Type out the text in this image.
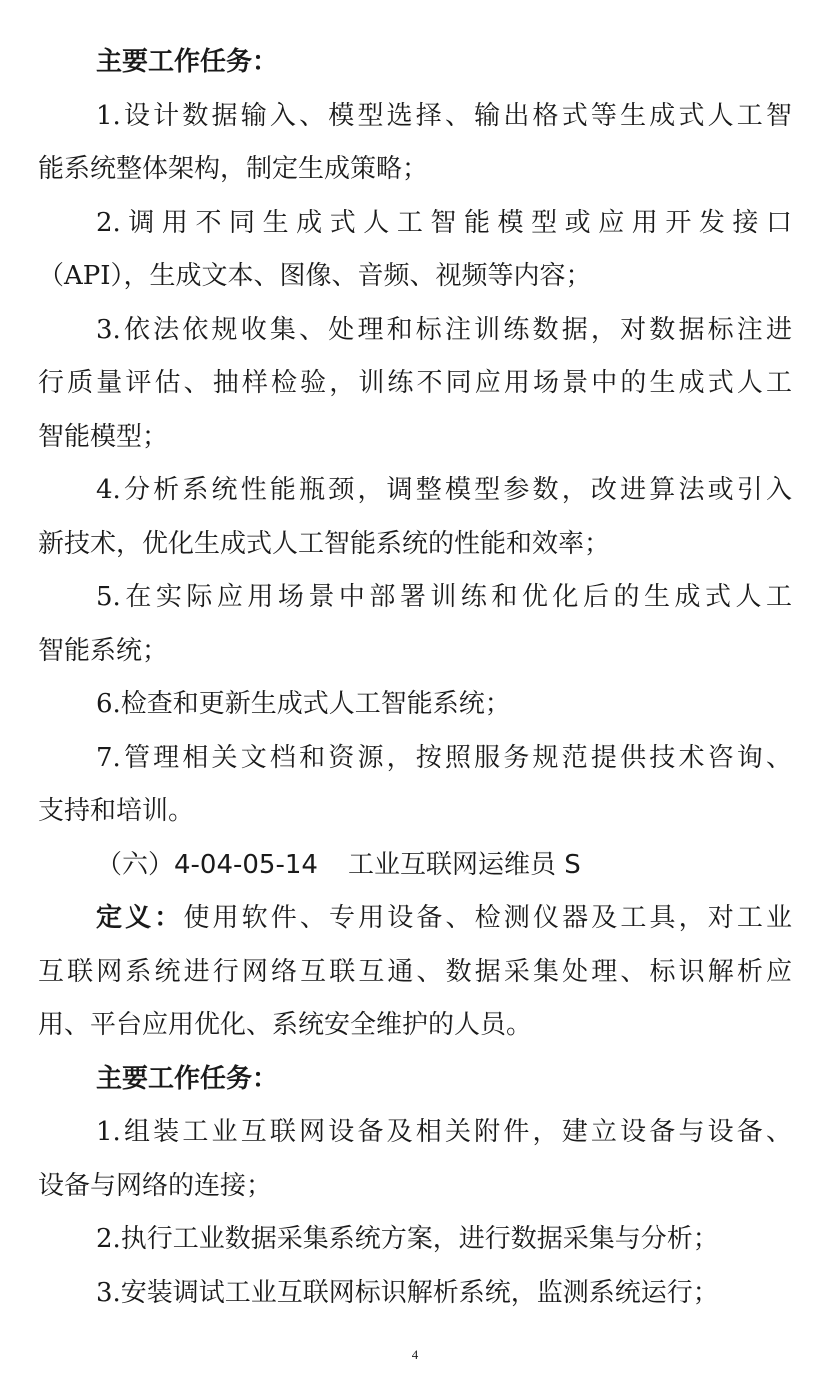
主要工作任务：
1.设计数据输入、模型选择、输出格式等生成式人工智
能系统整体架构，制定生成策略；
2.调用不同生成式人工智能模型或应用开发接口
（API），生成文本、图像、音频、视频等内容；
3.依法依规收集、处理和标注训练数据，对数据标注进
行质量评估、抽样检验，训练不同应用场景中的生成式人工
智能模型；
4.分析系统性能瓶颈，调整模型参数，改进算法或引入
新技术，优化生成式人工智能系统的性能和效率；
5.在实际应用场景中部署训练和优化后的生成式人工
智能系统；
6.检查和更新生成式人工智能系统；
7.管理相关文档和资源，按照服务规范提供技术咨询、
支持和培训。
（六）4-04-05-14 工业互联网运维员 S
定义：使用软件、专用设备、检测仪器及工具，对工业
互联网系统进行网络互联互通、数据采集处理、标识解析应
用、平台应用优化、系统安全维护的人员。
主要工作任务：
1.组装工业互联网设备及相关附件，建立设备与设备、
设备与网络的连接；
2.执行工业数据采集系统方案，进行数据采集与分析；
3.安装调试工业互联网标识解析系统，监测系统运行；
4
